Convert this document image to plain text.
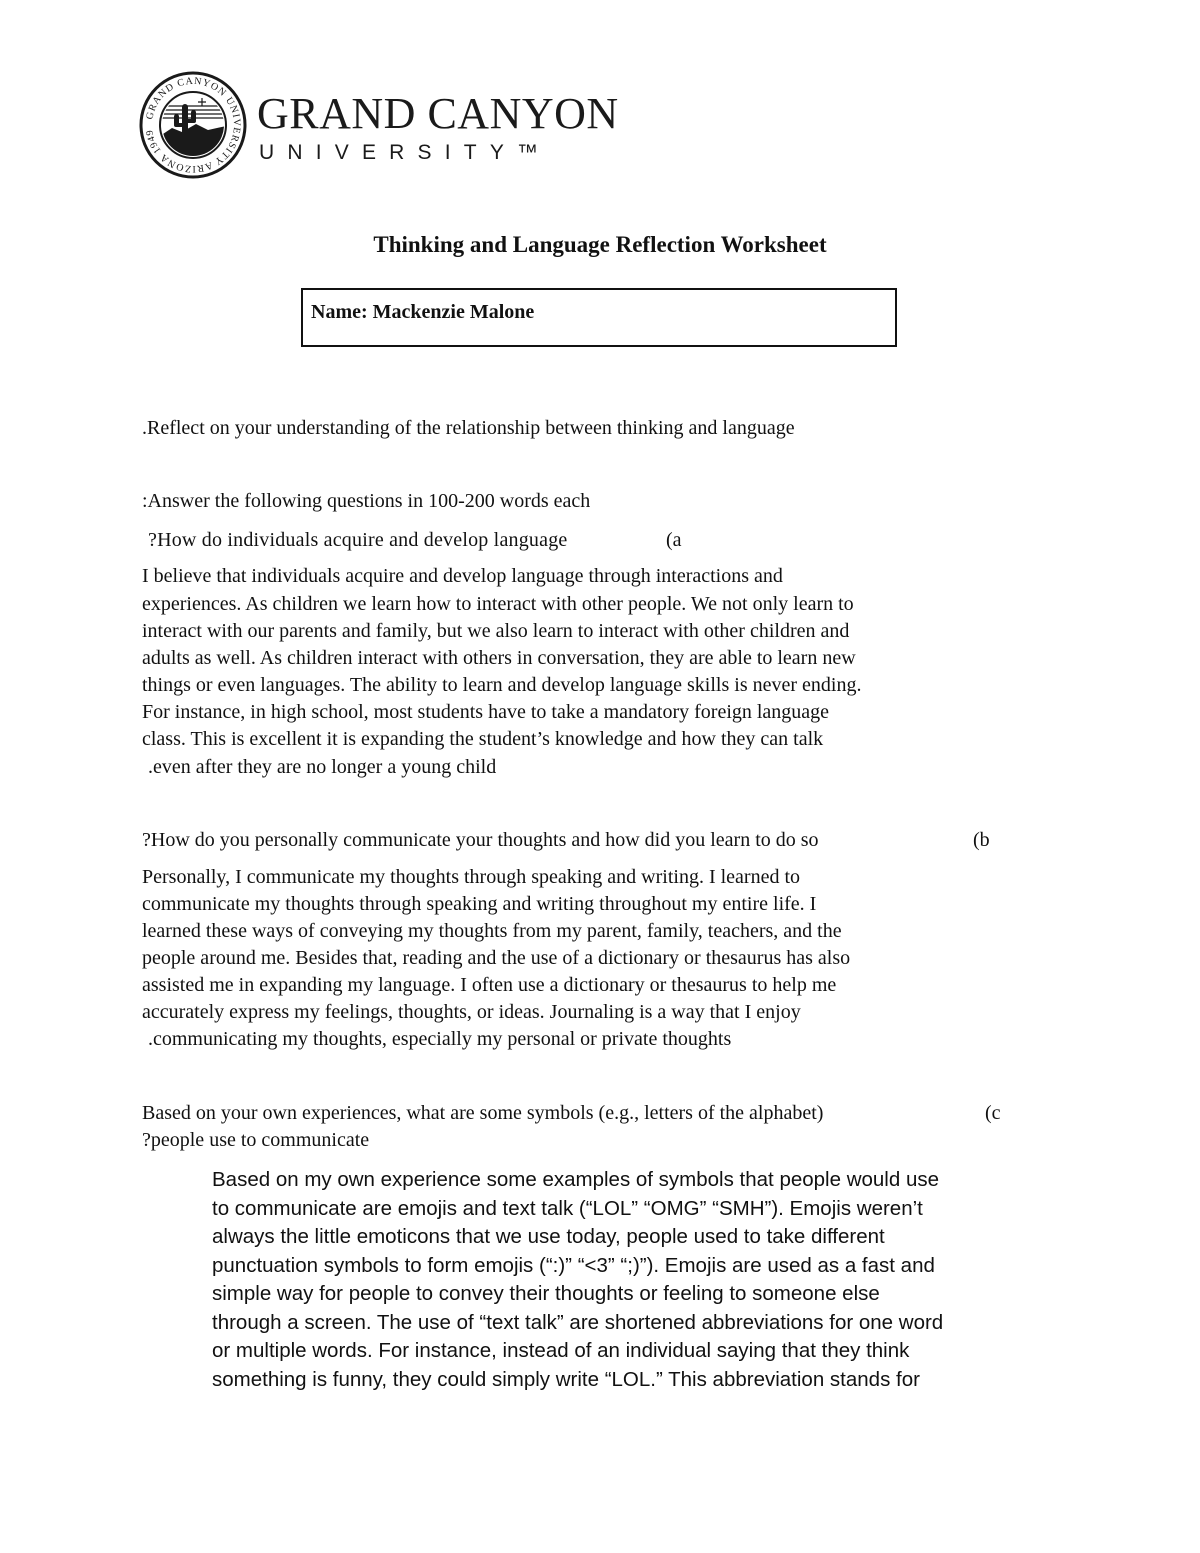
GRAND CANYON UNIVERSITY ARIZONA 1949	GRAND CANYON
UNIVERSITY™
Thinking and Language Reflection Worksheet
Name: Mackenzie Malone
.Reflect on your understanding of the relationship between thinking and language
:Answer the following questions in 100-200 words each
?How do individuals acquire and develop language	(a
I believe that individuals acquire and develop language through interactions and
experiences. As children we learn how to interact with other people. We not only learn to
interact with our parents and family, but we also learn to interact with other children and
adults as well. As children interact with others in conversation, they are able to learn new
things or even languages. The ability to learn and develop language skills is never ending.
For instance, in high school, most students have to take a mandatory foreign language
class. This is excellent it is expanding the student’s knowledge and how they can talk
.even after they are no longer a young child
?How do you personally communicate your thoughts and how did you learn to do so	(b
Personally, I communicate my thoughts through speaking and writing. I learned to
communicate my thoughts through speaking and writing throughout my entire life. I
learned these ways of conveying my thoughts from my parent, family, teachers, and the
people around me. Besides that, reading and the use of a dictionary or thesaurus has also
assisted me in expanding my language. I often use a dictionary or thesaurus to help me
accurately express my feelings, thoughts, or ideas. Journaling is a way that I enjoy
.communicating my thoughts, especially my personal or private thoughts
Based on your own experiences, what are some symbols (e.g., letters of the alphabet)	(c
?people use to communicate
Based on my own experience some examples of symbols that people would use
to communicate are emojis and text talk (“LOL” “OMG” “SMH”). Emojis weren’t
always the little emoticons that we use today, people used to take different
punctuation symbols to form emojis (“:)” “<3” “;)”). Emojis are used as a fast and
simple way for people to convey their thoughts or feeling to someone else
through a screen. The use of “text talk” are shortened abbreviations for one word
or multiple words. For instance, instead of an individual saying that they think
something is funny, they could simply write “LOL.” This abbreviation stands for
